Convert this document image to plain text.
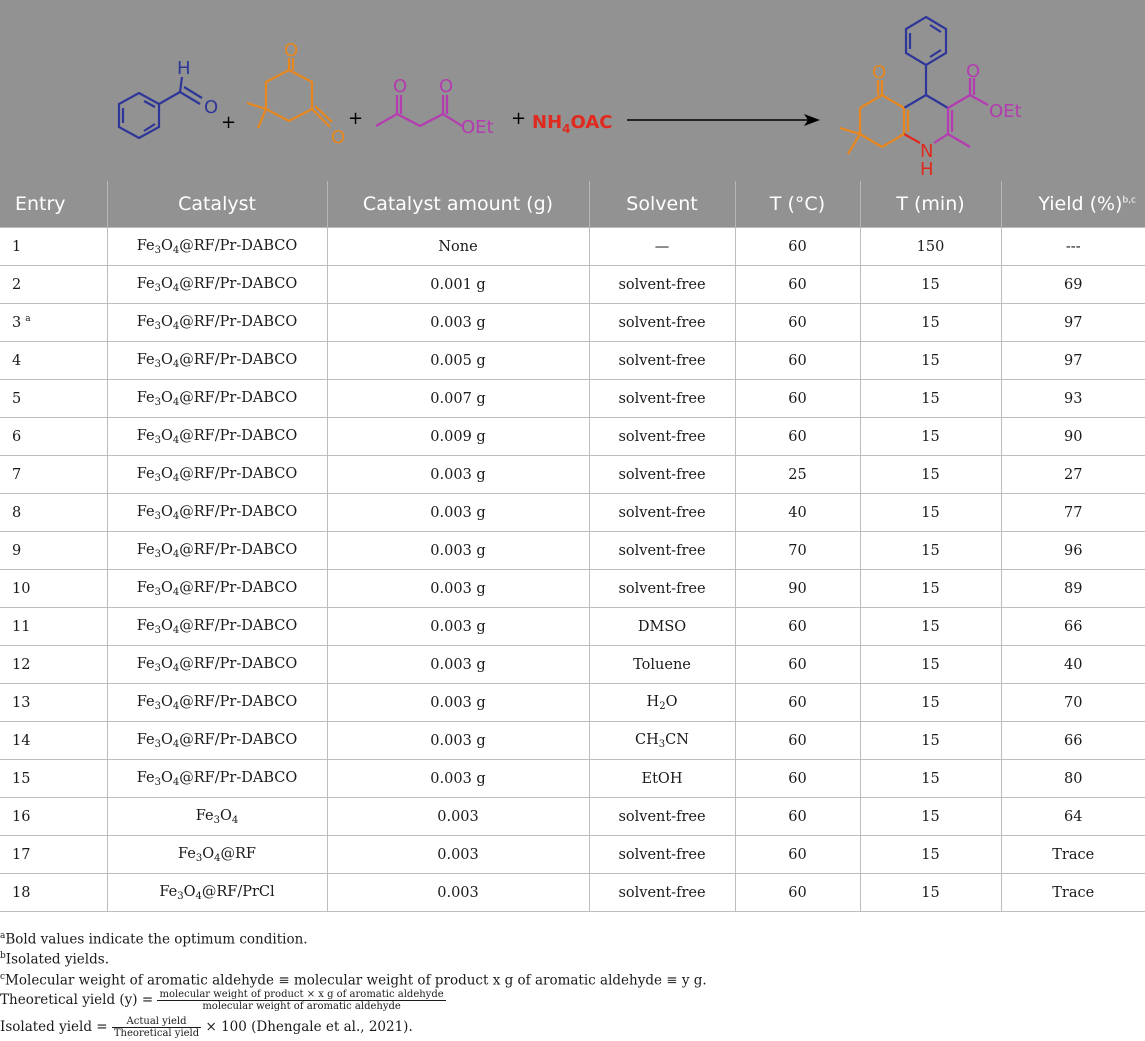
H
O
+
O
O
+
O O
OEt + $NH_4OAC$
O	O
OEt
N
H
Entry	Catalyst	Catalyst amount (g)	Solvent	T (°C)	T (min)	Yield (%)$^{b,c}$
1	$Fe_3O_4@RF/Pr$-DABCO	None	—	60	150	---
2	$Fe_3O_4@RF/Pr$-DABCO	0.001 g	solvent-free	60	15	69
3 $^a$	$Fe_3O_4@RF/Pr$-DABCO	0.003 g	solvent-free	60	15	97
4	$Fe_3O_4@RF/Pr$-DABCO	0.005 g	solvent-free	60	15	97
5	$Fe_3O_4@RF/Pr$-DABCO	0.007 g	solvent-free	60	15	93
6	$Fe_3O_4@RF/Pr$-DABCO	0.009 g	solvent-free	60	15	90
7	$Fe_3O_4@RF/Pr$-DABCO	0.003 g	solvent-free	25	15	27
8	$Fe_3O_4@RF/Pr$-DABCO	0.003 g	solvent-free	40	15	77
9	$Fe_3O_4@RF/Pr$-DABCO	0.003 g	solvent-free	70	15	96
10	$Fe_3O_4@RF/Pr$-DABCO	0.003 g	solvent-free	90	15	89
11	$Fe_3O_4@RF/Pr$-DABCO	0.003 g	DMSO	60	15	66
12	$Fe_3O_4@RF/Pr$-DABCO	0.003 g	Toluene	60	15	40
13	$Fe_3O_4@RF/Pr$-DABCO	0.003 g	$H_2O$	60	15	70
14	$Fe_3O_4@RF/Pr$-DABCO	0.003 g	$CH_3CN$	60	15	66
15	$Fe_3O_4@RF/Pr$-DABCO	0.003 g	EtOH	60	15	80
16	$Fe_3O_4$	0.003	solvent-free	60	15	64
17	$Fe_3O_4@RF$	0.003	solvent-free	60	15	Trace
18	$Fe_3O_4@RF$/PrCl	0.003	solvent-free	60	15	Trace
$^a$Bold values indicate the optimum condition.
$^b$Isolated yields.
$^c$Molecular weight of aromatic aldehyde ≡ molecular weight of product x g of aromatic aldehyde ≡ y g.
Theoretical yield $(y) = \frac{\text{molecular weight of product × x g of aromatic aldehyde}}{\text{molecular weight of aromatic aldehyde}}$
Isolated yield = $\frac{\text{Actual yield}}{\text{Theoretical yield}} \times 100$ (Dhengale et al., 2021).
